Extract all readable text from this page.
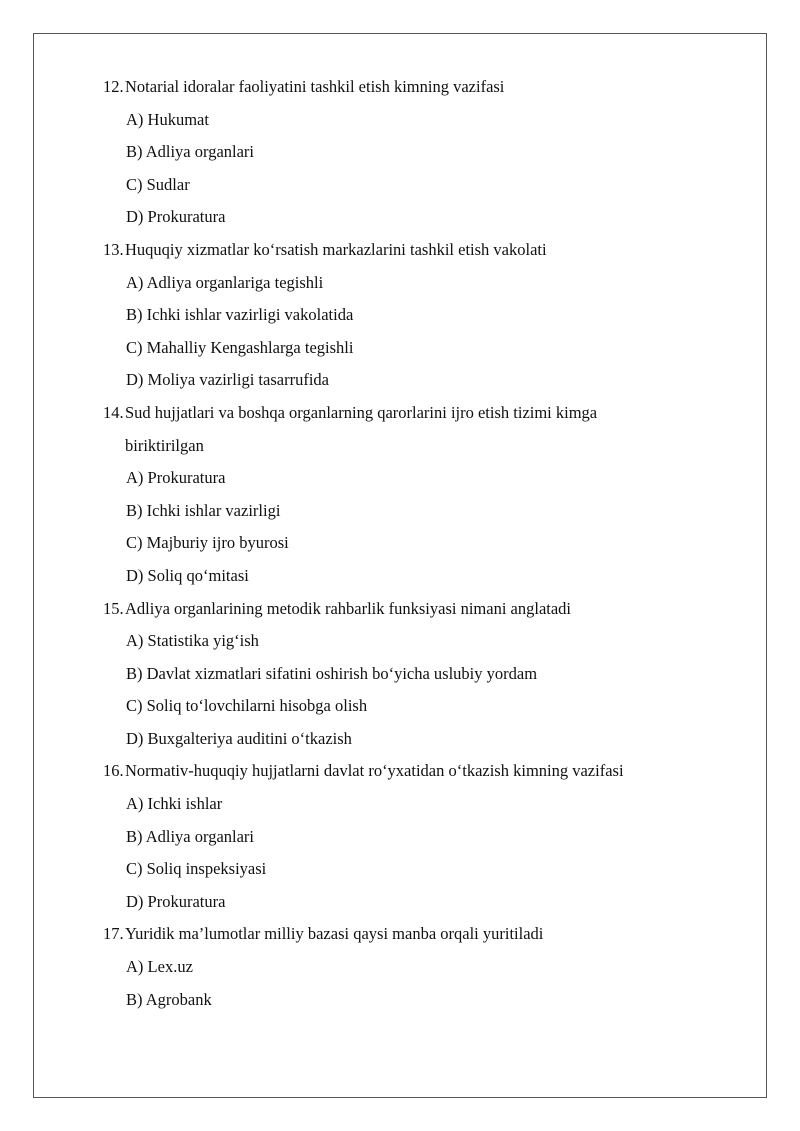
12. Notarial idoralar faoliyatini tashkil etish kimning vazifasi
A) Hukumat
B) Adliya organlari
C) Sudlar
D) Prokuratura
13. Huquqiy xizmatlar ko‘rsatish markazlarini tashkil etish vakolati
A) Adliya organlariga tegishli
B) Ichki ishlar vazirligi vakolatida
C) Mahalliy Kengashlarga tegishli
D) Moliya vazirligi tasarrufida
14. Sud hujjatlari va boshqa organlarning qarorlarini ijro etish tizimi kimga
biriktirilgan
A) Prokuratura
B) Ichki ishlar vazirligi
C) Majburiy ijro byurosi
D) Soliq qo‘mitasi
15. Adliya organlarining metodik rahbarlik funksiyasi nimani anglatadi
A) Statistika yig‘ish
B) Davlat xizmatlari sifatini oshirish bo‘yicha uslubiy yordam
C) Soliq to‘lovchilarni hisobga olish
D) Buxgalteriya auditini o‘tkazish
16. Normativ-huquqiy hujjatlarni davlat ro‘yxatidan o‘tkazish kimning vazifasi
A) Ichki ishlar
B) Adliya organlari
C) Soliq inspeksiyasi
D) Prokuratura
17. Yuridik ma’lumotlar milliy bazasi qaysi manba orqali yuritiladi
A) Lex.uz
B) Agrobank
